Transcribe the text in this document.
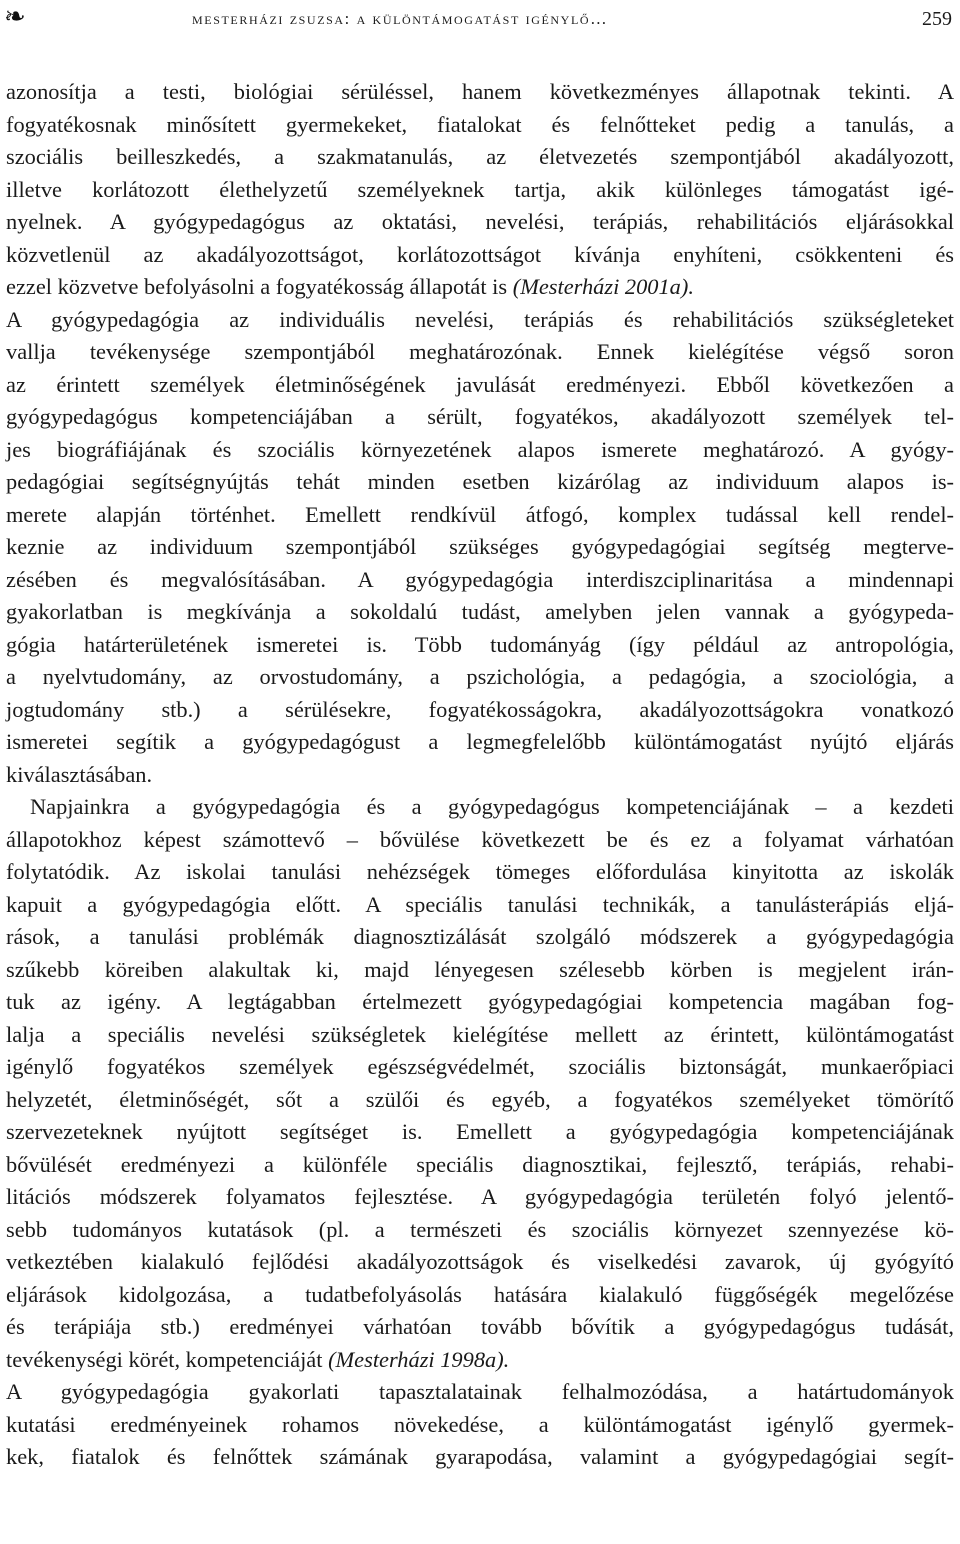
❧	mesterházi zsuzsa: a különtámogatást igénylő…	259
azonosítja a testi, biológiai sérüléssel, hanem következményes állapotnak tekinti. A
fogyatékosnak minősített gyermekeket, fiatalokat és felnőtteket pedig a tanulás, a
szociális beilleszkedés, a szakmatanulás, az életvezetés szempontjából akadályozott,
illetve korlátozott élethelyzetű személyeknek tartja, akik különleges támogatást igé-
nyelnek. A gyógypedagógus az oktatási, nevelési, terápiás, rehabilitációs eljárásokkal
közvetlenül az akadályozottságot, korlátozottságot kívánja enyhíteni, csökkenteni és
ezzel közvetve befolyásolni a fogyatékosság állapotát is (Mesterházi 2001a).
A gyógypedagógia az individuális nevelési, terápiás és rehabilitációs szükségleteket
vallja tevékenysége szempontjából meghatározónak. Ennek kielégítése végső soron
az érintett személyek életminőségének javulását eredményezi. Ebből következően a
gyógypedagógus kompetenciájában a sérült, fogyatékos, akadályozott személyek tel-
jes biográfiájának és szociális környezetének alapos ismerete meghatározó. A gyógy-
pedagógiai segítségnyújtás tehát minden esetben kizárólag az individuum alapos is-
merete alapján történhet. Emellett rendkívül átfogó, komplex tudással kell rendel-
keznie az individuum szempontjából szükséges gyógypedagógiai segítség megterve-
zésében és megvalósításában. A gyógypedagógia interdiszciplinaritása a mindennapi
gyakorlatban is megkívánja a sokoldalú tudást, amelyben jelen vannak a gyógypeda-
gógia határterületének ismeretei is. Több tudományág (így például az antropológia,
a nyelvtudomány, az orvostudomány, a pszichológia, a pedagógia, a szociológia, a
jogtudomány stb.) a sérülésekre, fogyatékosságokra, akadályozottságokra vonatkozó
ismeretei segítik a gyógypedagógust a legmegfelelőbb különtámogatást nyújtó eljárás
kiválasztásában.
Napjainkra a gyógypedagógia és a gyógypedagógus kompetenciájának – a kezdeti
állapotokhoz képest számottevő – bővülése következett be és ez a folyamat várhatóan
folytatódik. Az iskolai tanulási nehézségek tömeges előfordulása kinyitotta az iskolák
kapuit a gyógypedagógia előtt. A speciális tanulási technikák, a tanulásterápiás eljá-
rások, a tanulási problémák diagnosztizálását szolgáló módszerek a gyógypedagógia
szűkebb köreiben alakultak ki, majd lényegesen szélesebb körben is megjelent irán-
tuk az igény. A legtágabban értelmezett gyógypedagógiai kompetencia magában fog-
lalja a speciális nevelési szükségletek kielégítése mellett az érintett, különtámogatást
igénylő fogyatékos személyek egészségvédelmét, szociális biztonságát, munkaerőpiaci
helyzetét, életminőségét, sőt a szülői és egyéb, a fogyatékos személyeket tömörítő
szervezeteknek nyújtott segítséget is. Emellett a gyógypedagógia kompetenciájának
bővülését eredményezi a különféle speciális diagnosztikai, fejlesztő, terápiás, rehabi-
litációs módszerek folyamatos fejlesztése. A gyógypedagógia területén folyó jelentő-
sebb tudományos kutatások (pl. a természeti és szociális környezet szennyezése kö-
vetkeztében kialakuló fejlődési akadályozottságok és viselkedési zavarok, új gyógyító
eljárások kidolgozása, a tudatbefolyásolás hatására kialakuló függőségék megelőzése
és terápiája stb.) eredményei várhatóan tovább bővítik a gyógypedagógus tudását,
tevékenységi körét, kompetenciáját (Mesterházi 1998a).
A gyógypedagógia gyakorlati tapasztalatainak felhalmozódása, a határtudományok
kutatási eredményeinek rohamos növekedése, a különtámogatást igénylő gyermek-
kek, fiatalok és felnőttek számának gyarapodása, valamint a gyógypedagógiai segít-
